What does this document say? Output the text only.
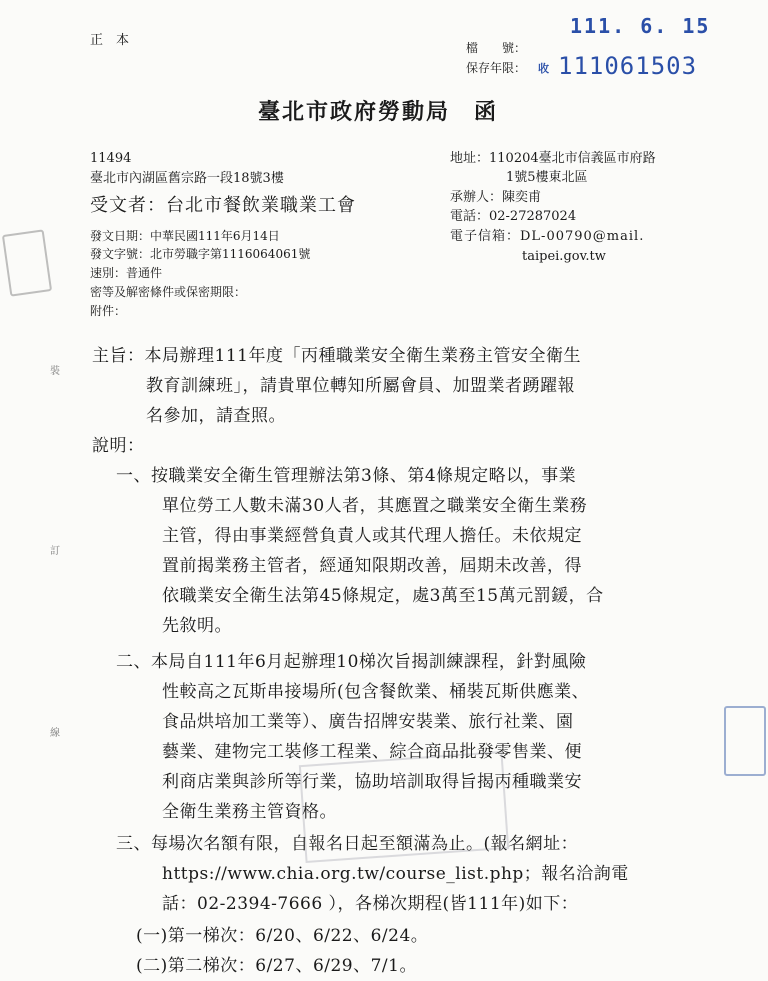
正　本	檔　　號：
保存年限：
111. 6. 15
收 111061503
臺北市政府勞動局　函
11494
臺北市內湖區舊宗路一段18號3樓
受文者：台北市餐飲業職業工會
地址：110204臺北市信義區市府路
1號5樓東北區
承辦人：陳奕甫
電話：02-27287024
電子信箱：DL-00790@mail.
taipei.gov.tw
發文日期：中華民國111年6月14日
發文字號：北市勞職字第1116064061號
速別：普通件
密等及解密條件或保密期限：
附件：
裝
訂
線
主旨：本局辦理111年度「丙種職業安全衛生業務主管安全衛生
教育訓練班」，請貴單位轉知所屬會員、加盟業者踴躍報
名參加，請查照。
說明：
一、按職業安全衛生管理辦法第3條、第4條規定略以，事業
單位勞工人數未滿30人者，其應置之職業安全衛生業務
主管，得由事業經營負責人或其代理人擔任。未依規定
置前揭業務主管者，經通知限期改善，屆期未改善，得
依職業安全衛生法第45條規定，處3萬至15萬元罰鍰，合
先敘明。
二、本局自111年6月起辦理10梯次旨揭訓練課程，針對風險
性較高之瓦斯串接場所(包含餐飲業、桶裝瓦斯供應業、
食品烘培加工業等）、廣告招牌安裝業、旅行社業、園
藝業、建物完工裝修工程業、綜合商品批發零售業、便
利商店業與診所等行業，協助培訓取得旨揭丙種職業安
全衛生業務主管資格。
三、每場次名額有限，自報名日起至額滿為止。(報名網址：
https://www.chia.org.tw/course_list.php；報名洽詢電
話：02-2394-7666 ），各梯次期程(皆111年)如下：
(一)第一梯次：6/20、6/22、6/24。
(二)第二梯次：6/27、6/29、7/1。
